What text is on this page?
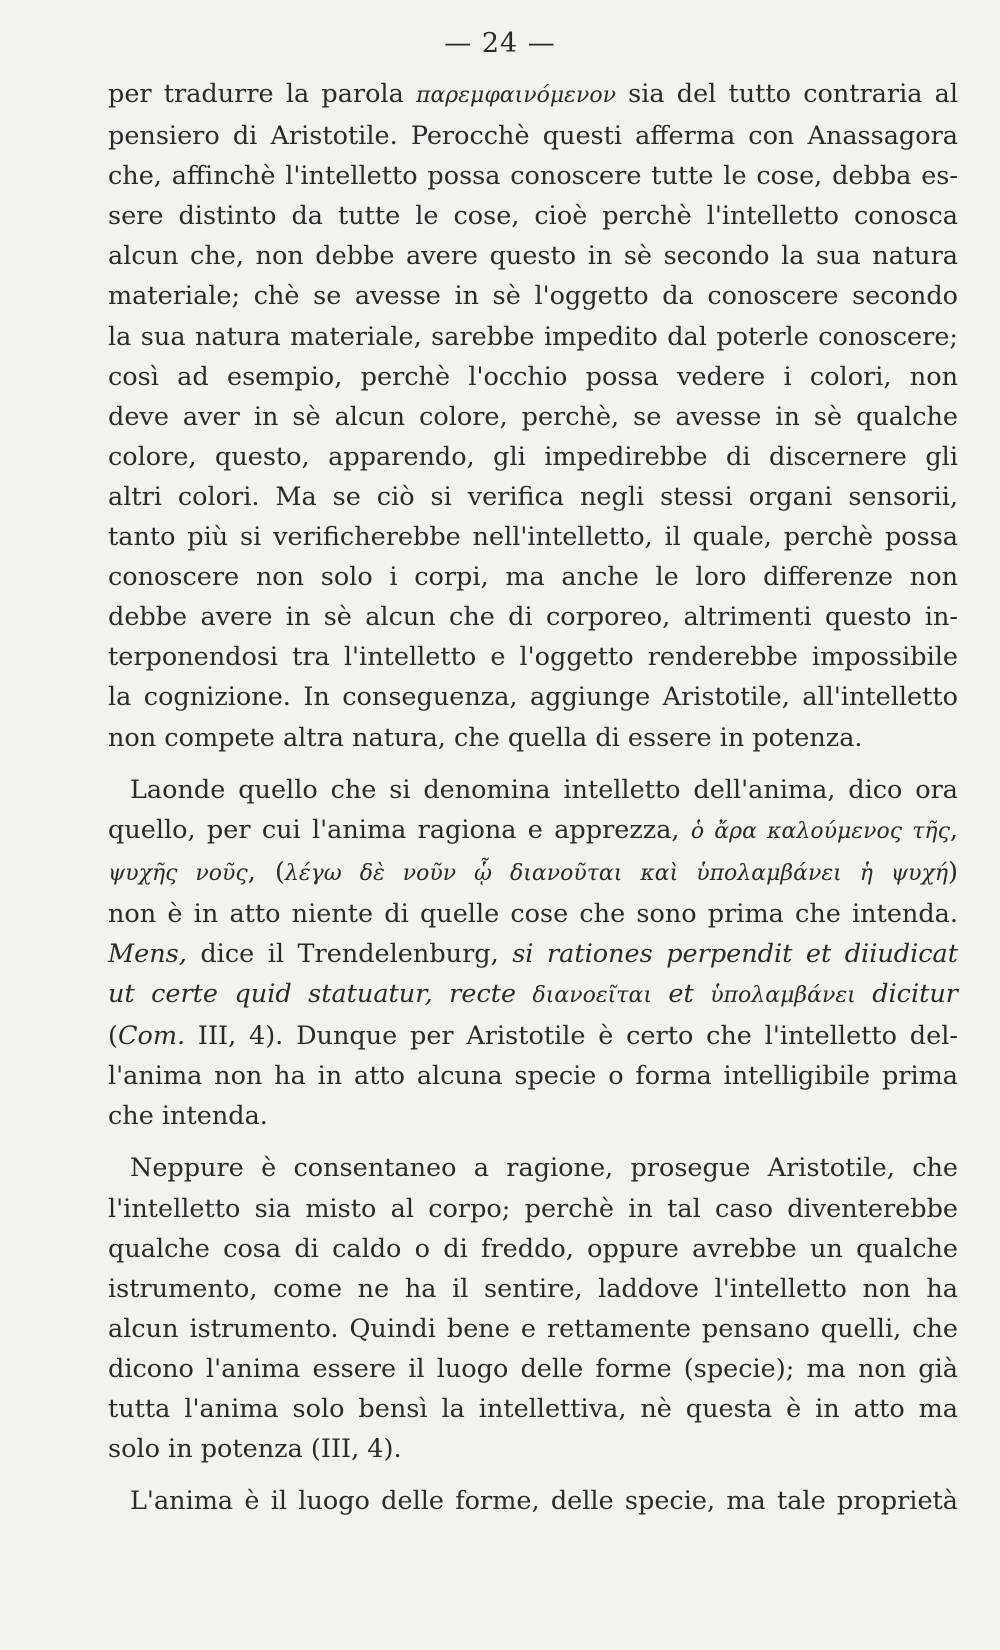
— 24 —
per tradurre la parola παρεμφαινόμενον sia del tutto contraria al
pensiero di Aristotile. Perocchè questi afferma con Anassagora
che, affinchè l'intelletto possa conoscere tutte le cose, debba es-
sere distinto da tutte le cose, cioè perchè l'intelletto conosca
alcun che, non debbe avere questo in sè secondo la sua natura
materiale; chè se avesse in sè l'oggetto da conoscere secondo
la sua natura materiale, sarebbe impedito dal poterle conoscere;
così ad esempio, perchè l'occhio possa vedere i colori, non
deve aver in sè alcun colore, perchè, se avesse in sè qualche
colore, questo, apparendo, gli impedirebbe di discernere gli
altri colori. Ma se ciò si verifica negli stessi organi sensorii,
tanto più si verificherebbe nell'intelletto, il quale, perchè possa
conoscere non solo i corpi, ma anche le loro differenze non
debbe avere in sè alcun che di corporeo, altrimenti questo in-
terponendosi tra l'intelletto e l'oggetto renderebbe impossibile
la cognizione. In conseguenza, aggiunge Aristotile, all'intelletto
non compete altra natura, che quella di essere in potenza.
Laonde quello che si denomina intelletto dell'anima, dico ora
quello, per cui l'anima ragiona e apprezza, ὁ ἄρα καλούμενος τῆς,
ψυχῆς νοῦς, (λέγω δὲ νοῦν ᾧ διανοῦται καὶ ὑπολαμβάνει ἡ ψυχή)
non è in atto niente di quelle cose che sono prima che intenda.
Mens, dice il Trendelenburg, si rationes perpendit et diiudicat
ut certe quid statuatur, recte διανοεῖται et ὑπολαμβάνει dicitur
(Com. III, 4). Dunque per Aristotile è certo che l'intelletto del-
l'anima non ha in atto alcuna specie o forma intelligibile prima
che intenda.
Neppure è consentaneo a ragione, prosegue Aristotile, che
l'intelletto sia misto al corpo; perchè in tal caso diventerebbe
qualche cosa di caldo o di freddo, oppure avrebbe un qualche
istrumento, come ne ha il sentire, laddove l'intelletto non ha
alcun istrumento. Quindi bene e rettamente pensano quelli, che
dicono l'anima essere il luogo delle forme (specie); ma non già
tutta l'anima solo bensì la intellettiva, nè questa è in atto ma
solo in potenza (III, 4).
L'anima è il luogo delle forme, delle specie, ma tale proprietà
